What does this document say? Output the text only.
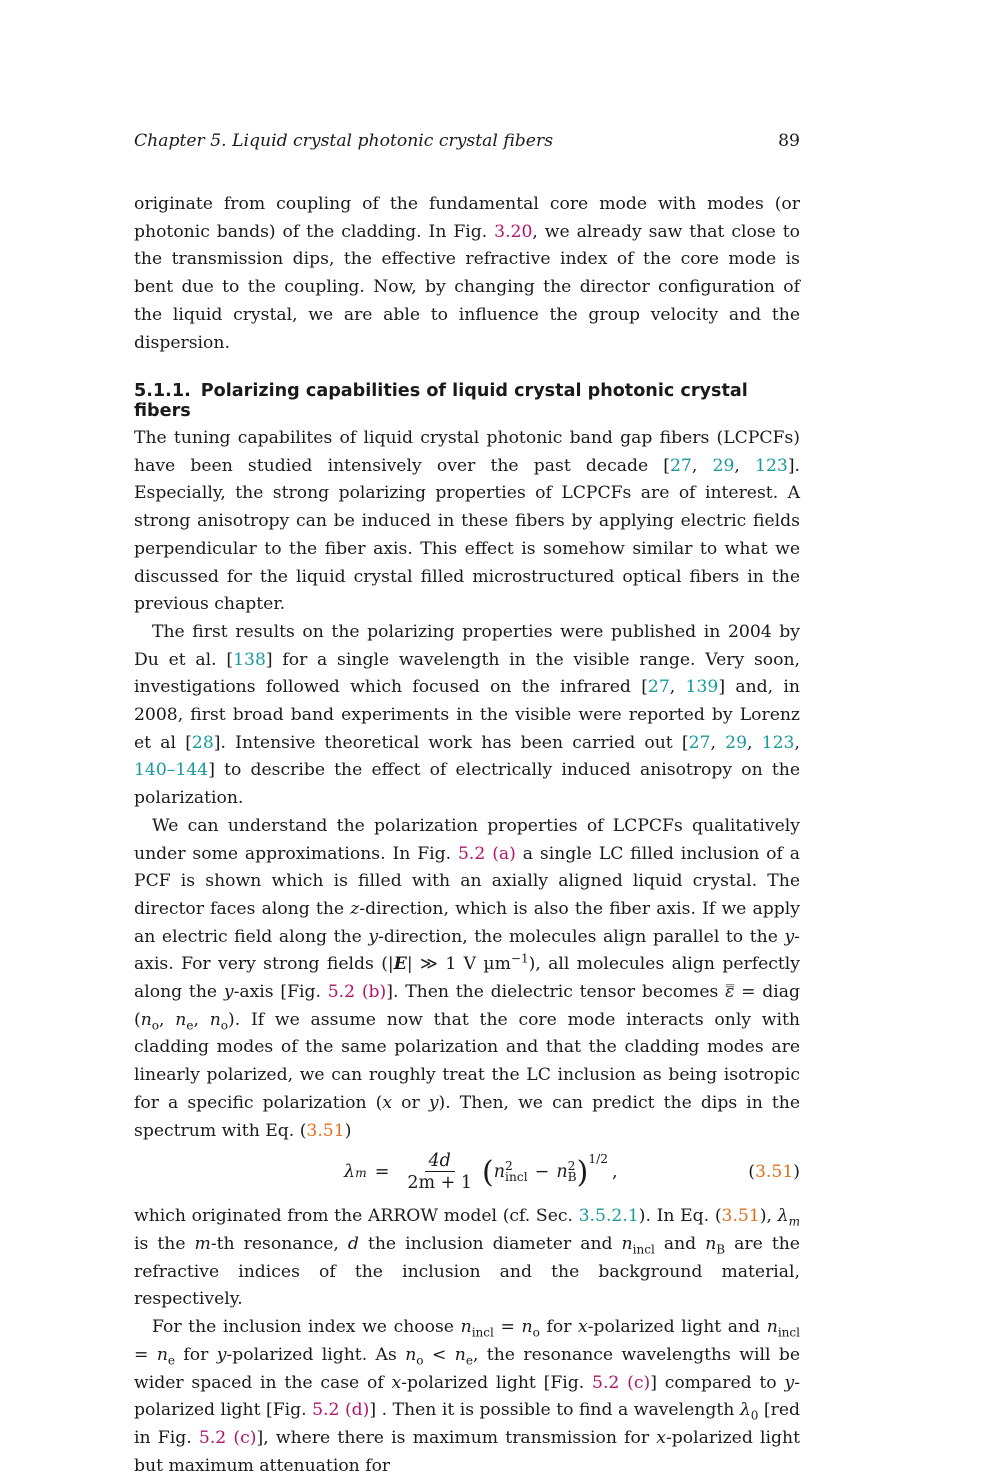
Chapter 5. Liquid crystal photonic crystal fibers	89

originate from coupling of the fundamental core mode with modes (or photonic bands) of the cladding. In Fig. 3.20, we already saw that close to the transmission dips, the effective refractive index of the core mode is bent due to the coupling. Now, by changing the director configuration of the liquid crystal, we are able to influence the group velocity and the dispersion.

5.1.1. Polarizing capabilities of liquid crystal photonic crystal fibers

The tuning capabilites of liquid crystal photonic band gap fibers (LCPCFs) have been studied intensively over the past decade [27, 29, 123]. Especially, the strong polarizing properties of LCPCFs are of interest. A strong anisotropy can be induced in these fibers by applying electric fields perpendicular to the fiber axis. This effect is somehow similar to what we discussed for the liquid crystal filled microstructured optical fibers in the previous chapter.

The first results on the polarizing properties were published in 2004 by Du et al. [138] for a single wavelength in the visible range. Very soon, investigations followed which focused on the infrared [27, 139] and, in 2008, first broad band experiments in the visible were reported by Lorenz et al [28]. Intensive theoretical work has been carried out [27, 29, 123, 140–144] to describe the effect of electrically induced anisotropy on the polarization.

We can understand the polarization properties of LCPCFs qualitatively under some approximations. In Fig. 5.2 (a) a single LC filled inclusion of a PCF is shown which is filled with an axially aligned liquid crystal. The director faces along the z-direction, which is also the fiber axis. If we apply an electric field along the y-direction, the molecules align parallel to the y-axis. For very strong fields (|E| ≫ 1 V µm$^{-1}$), all molecules align perfectly along the y-axis [Fig. 5.2 (b)]. Then the dielectric tensor becomes ε̿ = diag ($n_o$, $n_e$, $n_o$). If we assume now that the core mode interacts only with cladding modes of the same polarization and that the cladding modes are linearly polarized, we can roughly treat the LC inclusion as being isotropic for a specific polarization (x or y). Then, we can predict the dips in the spectrum with Eq. (3.51)

λ $m = \frac{4d}{2m + 1}$ ( n 2
incl − n 2
B )$^{1/2}$
,	(3.51)

which originated from the ARROW model (cf. Sec. 3.5.2.1). In Eq. (3.51), $\lambda_m$ is the m-th resonance, d the inclusion diameter and $n_{incl}$ and $n_B$ are the refractive indices of the inclusion and the background material, respectively.

For the inclusion index we choose $n_{incl} = n_o$ for x-polarized light and $n_{incl} = n_e$ for y-polarized light. As $n_o < n_e$, the resonance wavelengths will be wider spaced in the case of x-polarized light [Fig. 5.2 (c)] compared to y-polarized light [Fig. 5.2 (d)] . Then it is possible to find a wavelength $\lambda_0$ [red in Fig. 5.2 (c)], where there is maximum transmission for x-polarized light but maximum attenuation for
